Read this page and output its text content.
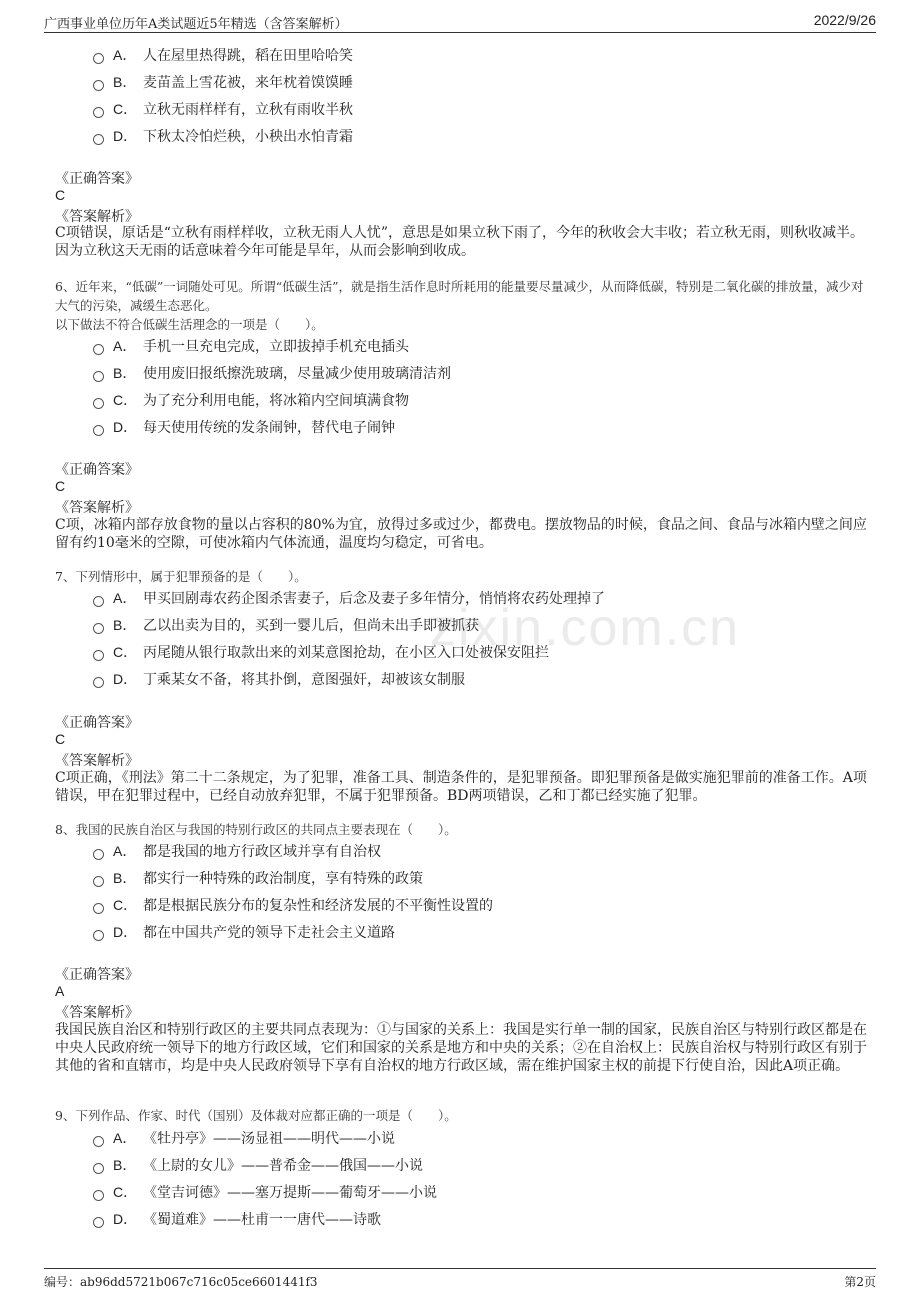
广西事业单位历年A类试题近5年精选（含答案解析）	2022/9/26
zixin.com.cn
A． 人在屋里热得跳，稻在田里哈哈笑
B． 麦苗盖上雪花被，来年枕着馍馍睡
C． 立秋无雨样样有，立秋有雨收半秋
D． 下秋太冷怕烂秧，小秧出水怕青霜
《正确答案》
C
《答案解析》
C项错误，原话是“立秋有雨样样收，立秋无雨人人忧”，意思是如果立秋下雨了，今年的秋收会大丰收；若立秋无雨，则秋收减半。因为立秋这天无雨的话意味着今年可能是旱年，从而会影响到收成。
6、近年来，“低碳”一词随处可见。所谓“低碳生活”，就是指生活作息时所耗用的能量要尽量减少，从而降低碳，特别是二氧化碳的排放量，减少对大气的污染，减缓生态恶化。
以下做法不符合低碳生活理念的一项是（　　）。
A． 手机一旦充电完成，立即拔掉手机充电插头
B． 使用废旧报纸擦洗玻璃，尽量减少使用玻璃清洁剂
C． 为了充分利用电能，将冰箱内空间填满食物
D． 每天使用传统的发条闹钟，替代电子闹钟
《正确答案》
C
《答案解析》
C项，冰箱内部存放食物的量以占容积的80%为宜，放得过多或过少，都费电。摆放物品的时候，食品之间、食品与冰箱内壁之间应留有约10毫米的空隙，可使冰箱内气体流通，温度均匀稳定，可省电。
7、下列情形中，属于犯罪预备的是（　　）。
A． 甲买回剧毒农药企图杀害妻子，后念及妻子多年情分，悄悄将农药处理掉了
B． 乙以出卖为目的，买到一婴儿后，但尚未出手即被抓获
C． 丙尾随从银行取款出来的刘某意图抢劫，在小区入口处被保安阻拦
D． 丁乘某女不备，将其扑倒，意图强奸，却被该女制服
《正确答案》
C
《答案解析》
C项正确，《刑法》第二十二条规定，为了犯罪，准备工具、制造条件的，是犯罪预备。即犯罪预备是做实施犯罪前的准备工作。A项错误，甲在犯罪过程中，已经自动放弃犯罪，不属于犯罪预备。BD两项错误，乙和丁都已经实施了犯罪。
8、我国的民族自治区与我国的特别行政区的共同点主要表现在（　　）。
A． 都是我国的地方行政区域并享有自治权
B． 都实行一种特殊的政治制度，享有特殊的政策
C． 都是根据民族分布的复杂性和经济发展的不平衡性设置的
D． 都在中国共产党的领导下走社会主义道路
《正确答案》
A
《答案解析》
我国民族自治区和特别行政区的主要共同点表现为：①与国家的关系上：我国是实行单一制的国家，民族自治区与特别行政区都是在中央人民政府统一领导下的地方行政区域，它们和国家的关系是地方和中央的关系；②在自治权上：民族自治权与特别行政区有别于其他的省和直辖市，均是中央人民政府领导下享有自治权的地方行政区域，需在维护国家主权的前提下行使自治，因此A项正确。
9、下列作品、作家、时代（国别）及体裁对应都正确的一项是（　　）。
A． 《牡丹亭》——汤显祖——明代——小说
B． 《上尉的女儿》——普希金——俄国——小说
C． 《堂吉诃德》——塞万提斯——葡萄牙——小说
D． 《蜀道难》——杜甫一一唐代——诗歌
编号：ab96dd5721b067c716c05ce6601441f3	第2页
